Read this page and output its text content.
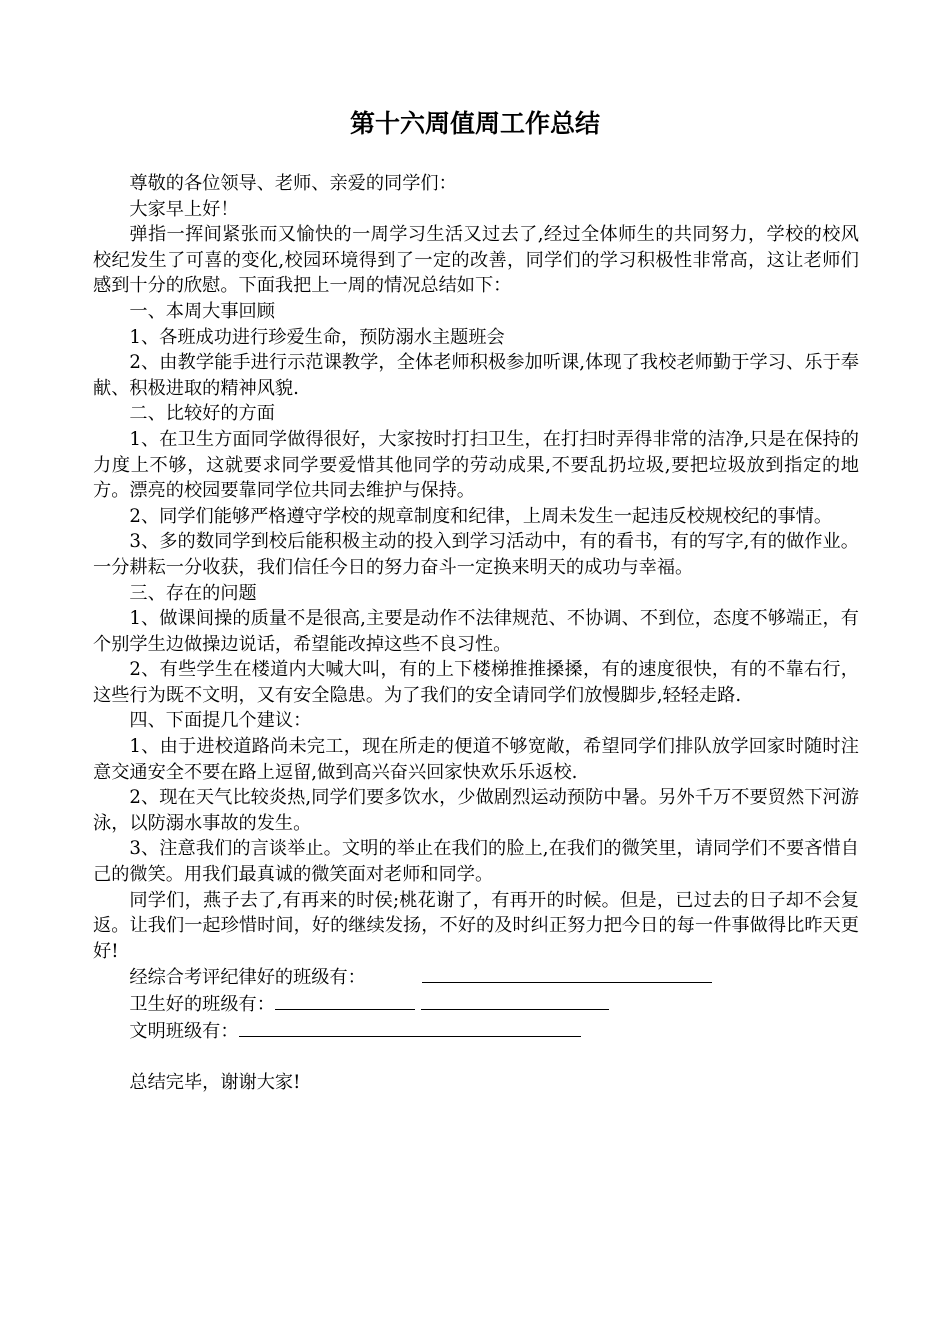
第十六周值周工作总结

尊敬的各位领导、老师、亲爱的同学们：

大家早上好！

弹指一挥间紧张而又愉快的一周学习生活又过去了,经过全体师生的共同努力，学校的校风校纪发生了可喜的变化,校园环境得到了一定的改善，同学们的学习积极性非常高，这让老师们感到十分的欣慰。下面我把上一周的情况总结如下：

一、本周大事回顾

1、各班成功进行珍爱生命，预防溺水主题班会

2、由教学能手进行示范课教学，全体老师积极参加听课,体现了我校老师勤于学习、乐于奉献、积极进取的精神风貌.

二、比较好的方面

1、在卫生方面同学做得很好，大家按时打扫卫生，在打扫时弄得非常的洁净,只是在保持的力度上不够，这就要求同学要爱惜其他同学的劳动成果,不要乱扔垃圾,要把垃圾放到指定的地方。漂亮的校园要靠同学位共同去维护与保持。

2、同学们能够严格遵守学校的规章制度和纪律，上周未发生一起违反校规校纪的事情。

3、多的数同学到校后能积极主动的投入到学习活动中，有的看书，有的写字,有的做作业。一分耕耘一分收获，我们信任今日的努力奋斗一定换来明天的成功与幸福。

三、存在的问题

1、做课间操的质量不是很高,主要是动作不法律规范、不协调、不到位，态度不够端正，有个别学生边做操边说话，希望能改掉这些不良习性。

2、有些学生在楼道内大喊大叫，有的上下楼梯推推搡搡，有的速度很快，有的不靠右行，这些行为既不文明，又有安全隐患。为了我们的安全请同学们放慢脚步,轻轻走路.

四、下面提几个建议：

1、由于进校道路尚未完工，现在所走的便道不够宽敞，希望同学们排队放学回家时随时注意交通安全不要在路上逗留,做到高兴奋兴回家快欢乐乐返校.

2、现在天气比较炎热,同学们要多饮水，少做剧烈运动预防中暑。另外千万不要贸然下河游泳，以防溺水事故的发生。

3、注意我们的言谈举止。文明的举止在我们的脸上,在我们的微笑里，请同学们不要吝惜自己的微笑。用我们最真诚的微笑面对老师和同学。

同学们，燕子去了,有再来的时侯;桃花谢了，有再开的时候。但是，已过去的日子却不会复返。让我们一起珍惜时间，好的继续发扬，不好的及时纠正努力把今日的每一件事做得比昨天更好!

经综合考评纪律好的班级有：
卫生好的班级有：
文明班级有：

总结完毕，谢谢大家!
